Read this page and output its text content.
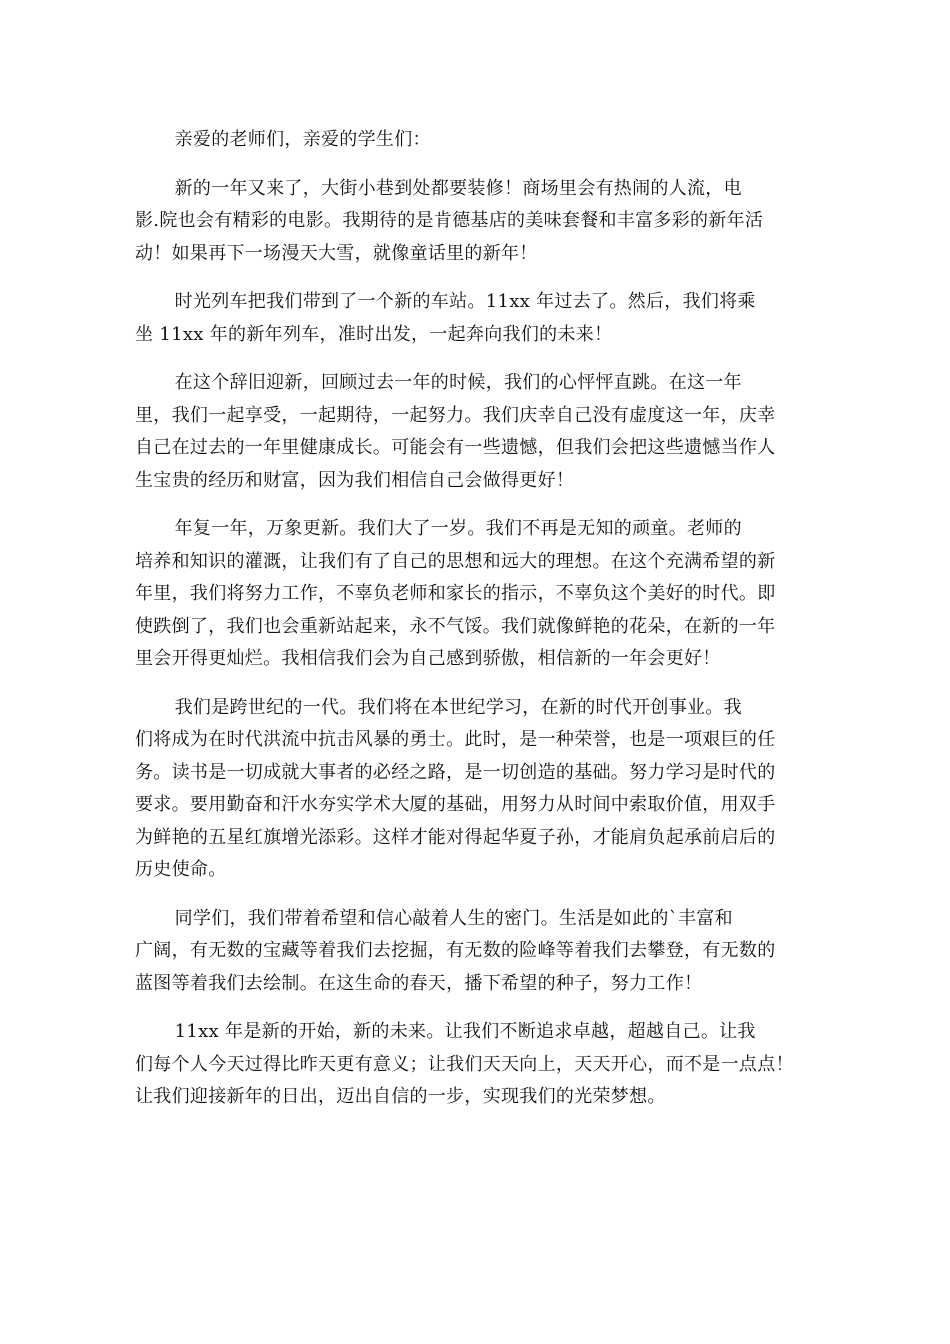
亲爱的老师们，亲爱的学生们：

新的一年又来了，大街小巷到处都要装修！商场里会有热闹的人流，电
影.院也会有精彩的电影。我期待的是肯德基店的美味套餐和丰富多彩的新年活
动！如果再下一场漫天大雪，就像童话里的新年！

时光列车把我们带到了一个新的车站。11xx 年过去了。然后，我们将乘
坐 11xx 年的新年列车，准时出发，一起奔向我们的未来！

在这个辞旧迎新，回顾过去一年的时候，我们的心怦怦直跳。在这一年
里，我们一起享受，一起期待，一起努力。我们庆幸自己没有虚度这一年，庆幸
自己在过去的一年里健康成长。可能会有一些遗憾，但我们会把这些遗憾当作人
生宝贵的经历和财富，因为我们相信自己会做得更好！

年复一年，万象更新。我们大了一岁。我们不再是无知的顽童。老师的
培养和知识的灌溉，让我们有了自己的思想和远大的理想。在这个充满希望的新
年里，我们将努力工作，不辜负老师和家长的指示，不辜负这个美好的时代。即
使跌倒了，我们也会重新站起来，永不气馁。我们就像鲜艳的花朵，在新的一年
里会开得更灿烂。我相信我们会为自己感到骄傲，相信新的一年会更好！

我们是跨世纪的一代。我们将在本世纪学习，在新的时代开创事业。我
们将成为在时代洪流中抗击风暴的勇士。此时，是一种荣誉，也是一项艰巨的任
务。读书是一切成就大事者的必经之路，是一切创造的基础。努力学习是时代的
要求。要用勤奋和汗水夯实学术大厦的基础，用努力从时间中索取价值，用双手
为鲜艳的五星红旗增光添彩。这样才能对得起华夏子孙，才能肩负起承前启后的
历史使命。

同学们，我们带着希望和信心敲着人生的密门。生活是如此的`丰富和
广阔，有无数的宝藏等着我们去挖掘，有无数的险峰等着我们去攀登，有无数的
蓝图等着我们去绘制。在这生命的春天，播下希望的种子，努力工作！

11xx 年是新的开始，新的未来。让我们不断追求卓越，超越自己。让我
们每个人今天过得比昨天更有意义；让我们天天向上，天天开心，而不是一点点！
让我们迎接新年的日出，迈出自信的一步，实现我们的光荣梦想。
